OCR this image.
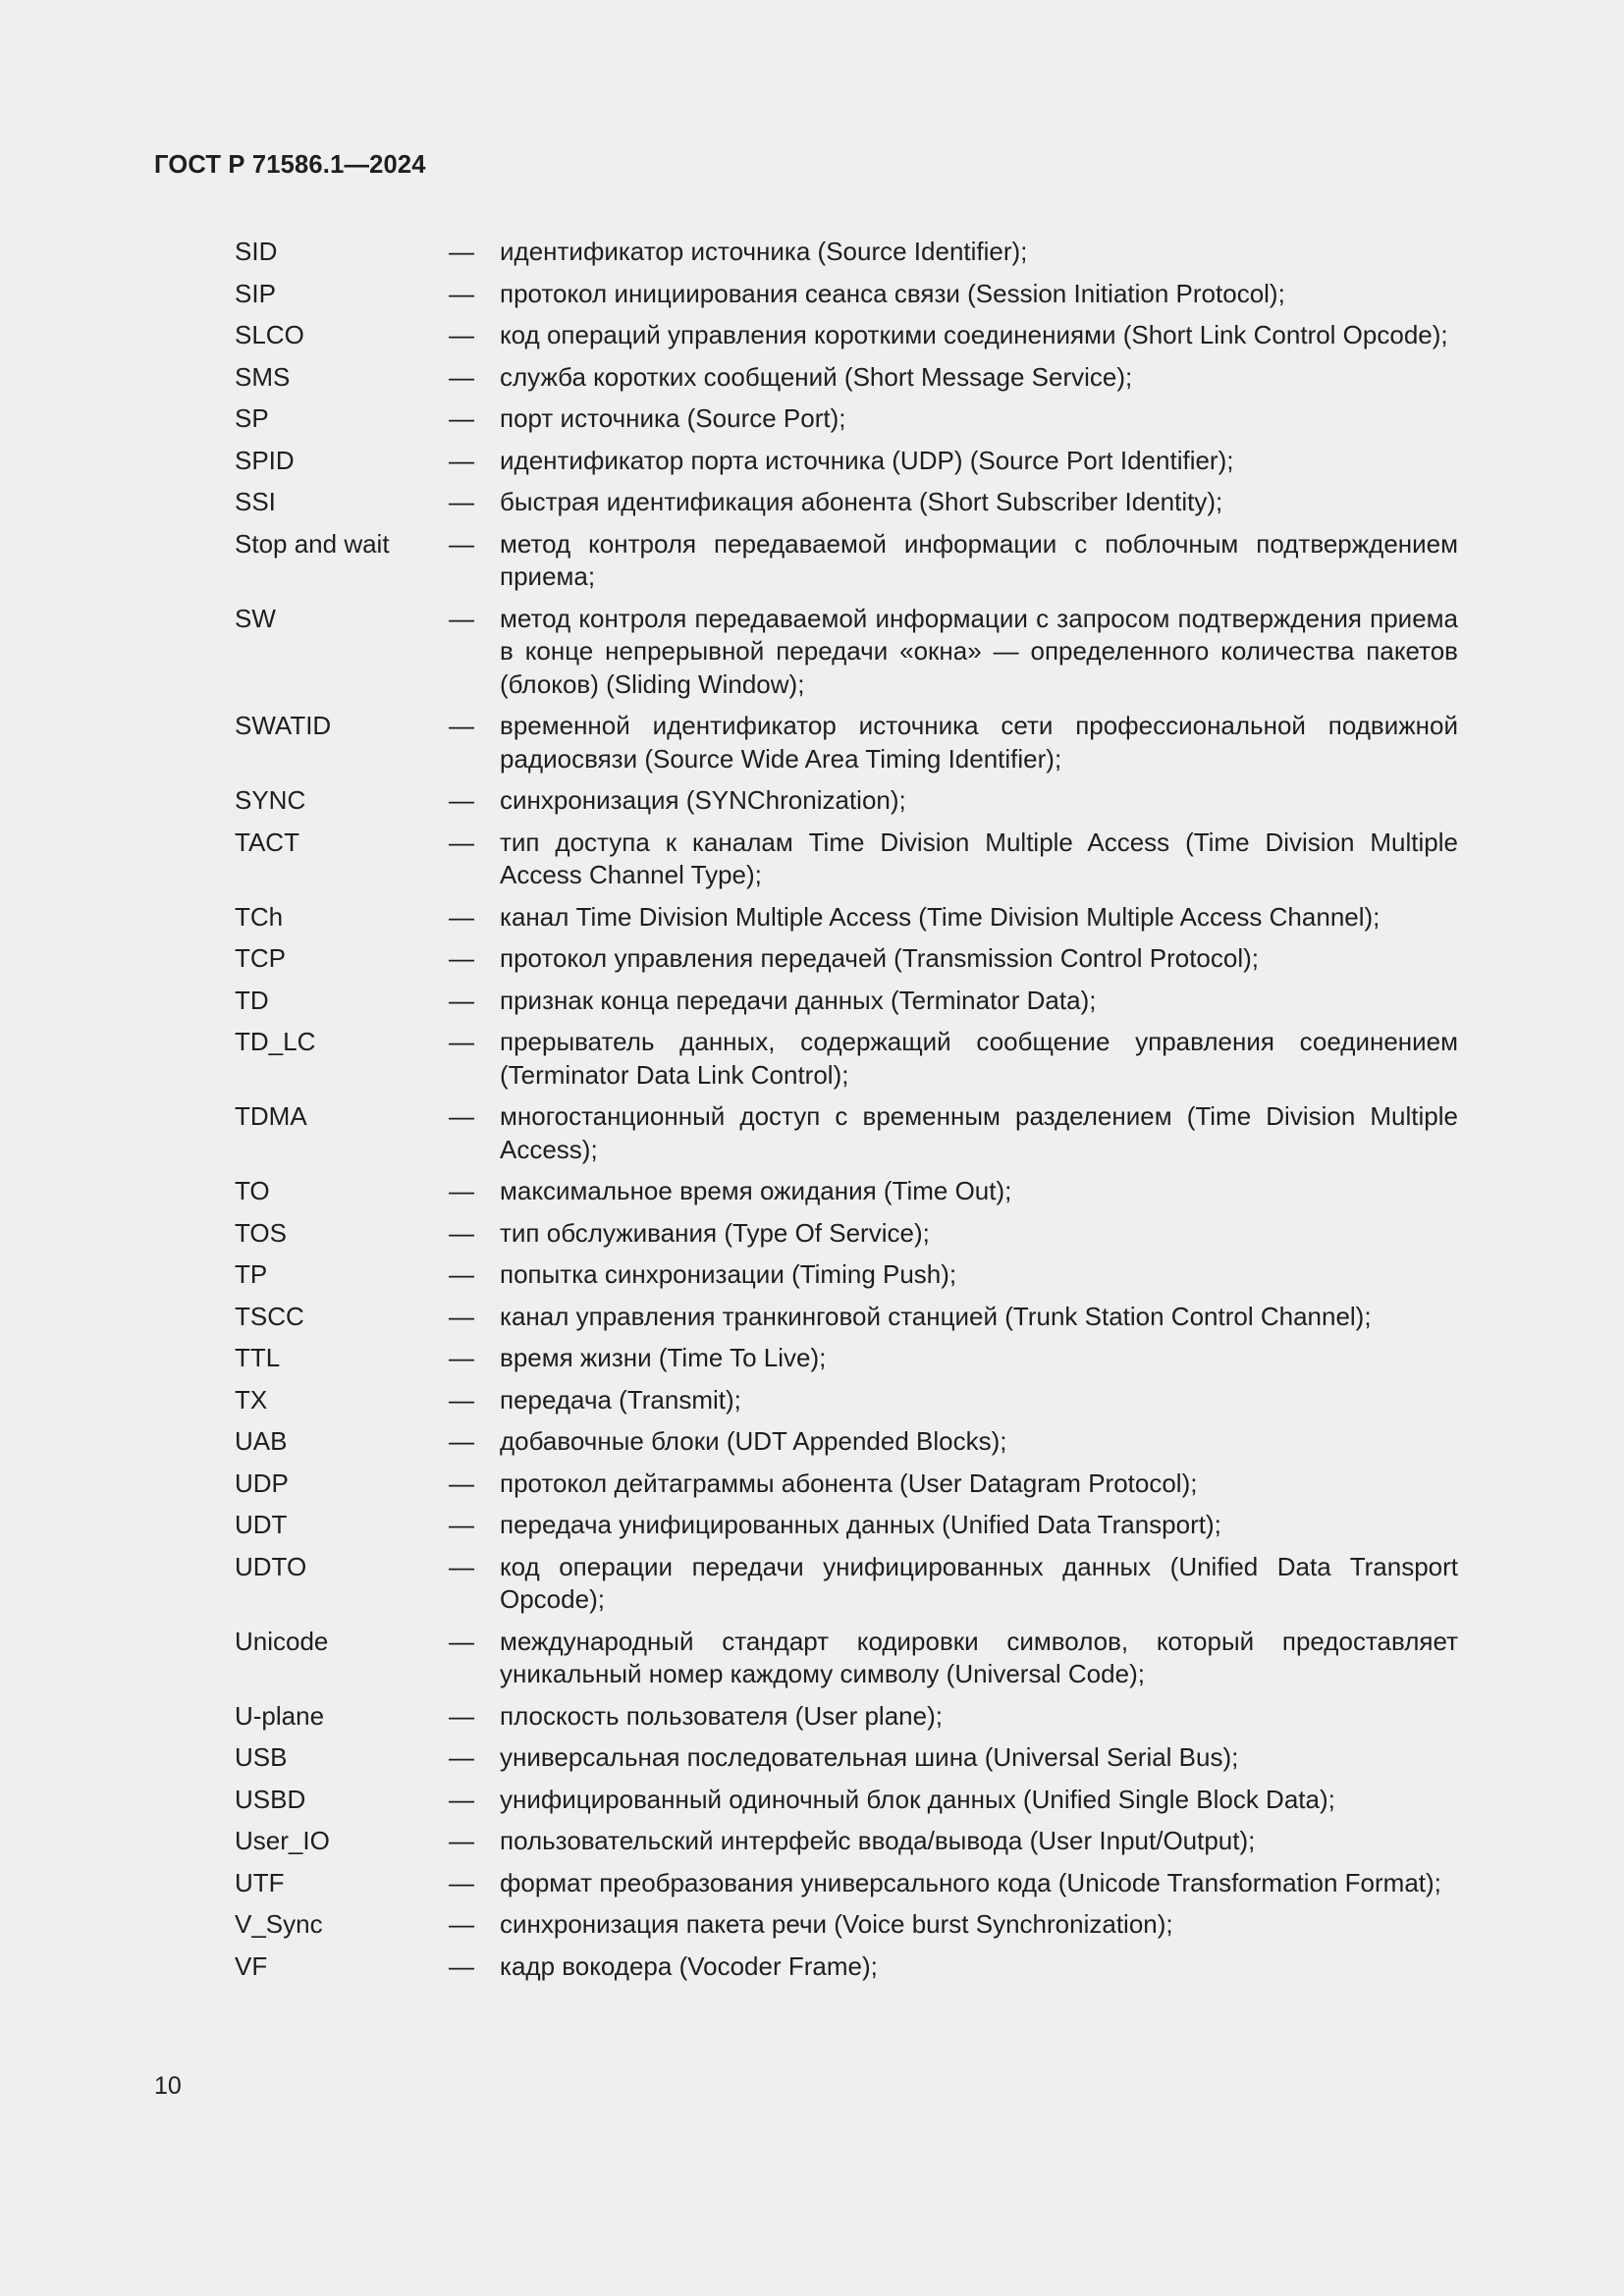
ГОСТ Р 71586.1—2024
SID	—	идентификатор источника (Source Identifier);
SIP	—	протокол инициирования сеанса связи (Session Initiation Protocol);
SLCO	—	код операций управления короткими соединениями (Short Link Control Opcode);
SMS	—	служба коротких сообщений (Short Message Service);
SP	—	порт источника (Source Port);
SPID	—	идентификатор порта источника (UDP) (Source Port Identifier);
SSI	—	быстрая идентификация абонента (Short Subscriber Identity);
Stop and wait	—	метод контроля передаваемой информации с поблочным подтверждением приема;
SW	—	метод контроля передаваемой информации с запросом подтверждения приема в конце непрерывной передачи «окна» — определенного количества пакетов (блоков) (Sliding Window);
SWATID	—	временной идентификатор источника сети профессиональной подвижной радиосвязи (Source Wide Area Timing Identifier);
SYNC	—	синхронизация (SYNChronization);
TACT	—	тип доступа к каналам Time Division Multiple Access (Time Division Multiple Access Channel Type);
TCh	—	канал Time Division Multiple Access (Time Division Multiple Access Channel);
TCP	—	протокол управления передачей (Transmission Control Protocol);
TD	—	признак конца передачи данных (Terminator Data);
TD_LC	—	прерыватель данных, содержащий сообщение управления соединением (Terminator Data Link Control);
TDMA	—	многостанционный доступ с временным разделением (Time Division Multiple Access);
TO	—	максимальное время ожидания (Time Out);
TOS	—	тип обслуживания (Type Of Service);
TP	—	попытка синхронизации (Timing Push);
TSCC	—	канал управления транкинговой станцией (Trunk Station Control Channel);
TTL	—	время жизни (Time To Live);
TX	—	передача (Transmit);
UAB	—	добавочные блоки (UDT Appended Blocks);
UDP	—	протокол дейтаграммы абонента (User Datagram Protocol);
UDT	—	передача унифицированных данных (Unified Data Transport);
UDTO	—	код операции передачи унифицированных данных (Unified Data Transport Opcode);
Unicode	—	международный стандарт кодировки символов, который предоставляет уникальный номер каждому символу (Universal Code);
U-plane	—	плоскость пользователя (User plane);
USB	—	универсальная последовательная шина (Universal Serial Bus);
USBD	—	унифицированный одиночный блок данных (Unified Single Block Data);
User_IO	—	пользовательский интерфейс ввода/вывода (User Input/Output);
UTF	—	формат преобразования универсального кода (Unicode Transformation Format);
V_Sync	—	синхронизация пакета речи (Voice burst Synchronization);
VF	—	кадр вокодера (Vocoder Frame);
10
